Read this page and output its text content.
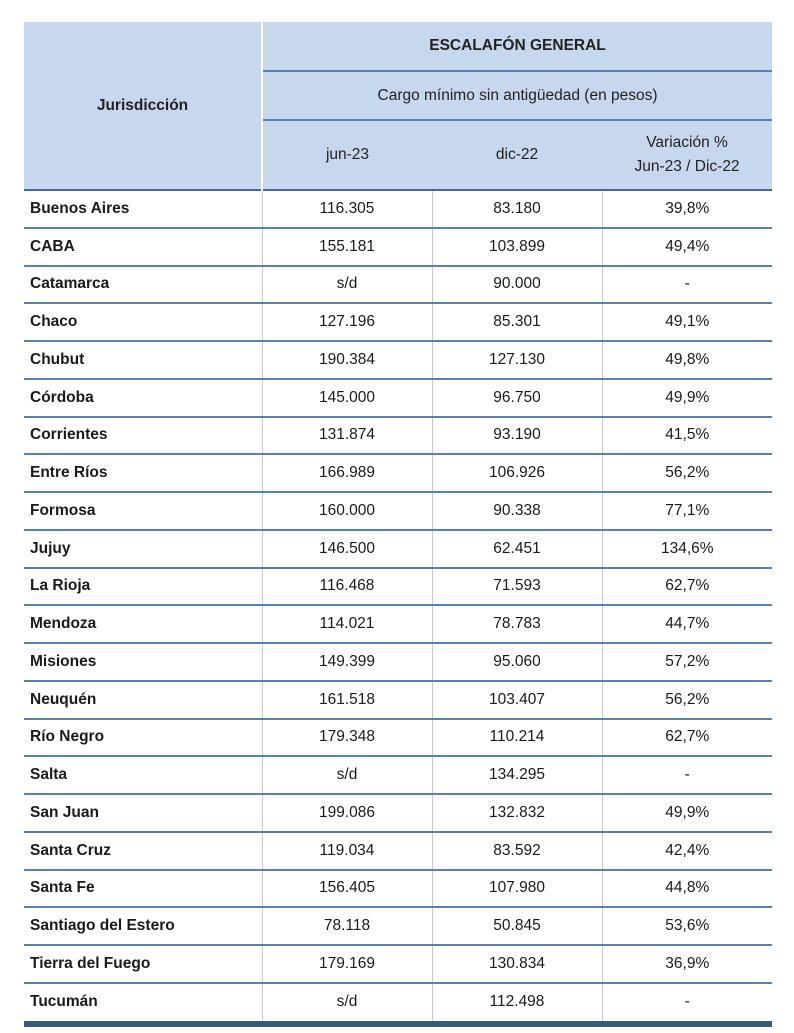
Jurisdicción	ESCALAFÓN GENERAL		
	Cargo mínimo sin antigüedad (en pesos)		
	jun-23	dic-22	Variación %
Jun-23 / Dic-22
Buenos Aires	116.305	83.180	39,8%
CABA	155.181	103.899	49,4%
Catamarca	s/d	90.000	-
Chaco	127.196	85.301	49,1%
Chubut	190.384	127.130	49,8%
Córdoba	145.000	96.750	49,9%
Corrientes	131.874	93.190	41,5%
Entre Ríos	166.989	106.926	56,2%
Formosa	160.000	90.338	77,1%
Jujuy	146.500	62.451	134,6%
La Rioja	116.468	71.593	62,7%
Mendoza	114.021	78.783	44,7%
Misiones	149.399	95.060	57,2%
Neuquén	161.518	103.407	56,2%
Río Negro	179.348	110.214	62,7%
Salta	s/d	134.295	-
San Juan	199.086	132.832	49,9%
Santa Cruz	119.034	83.592	42,4%
Santa Fe	156.405	107.980	44,8%
Santiago del Estero	78.118	50.845	53,6%
Tierra del Fuego	179.169	130.834	36,9%
Tucumán	s/d	112.498	-
